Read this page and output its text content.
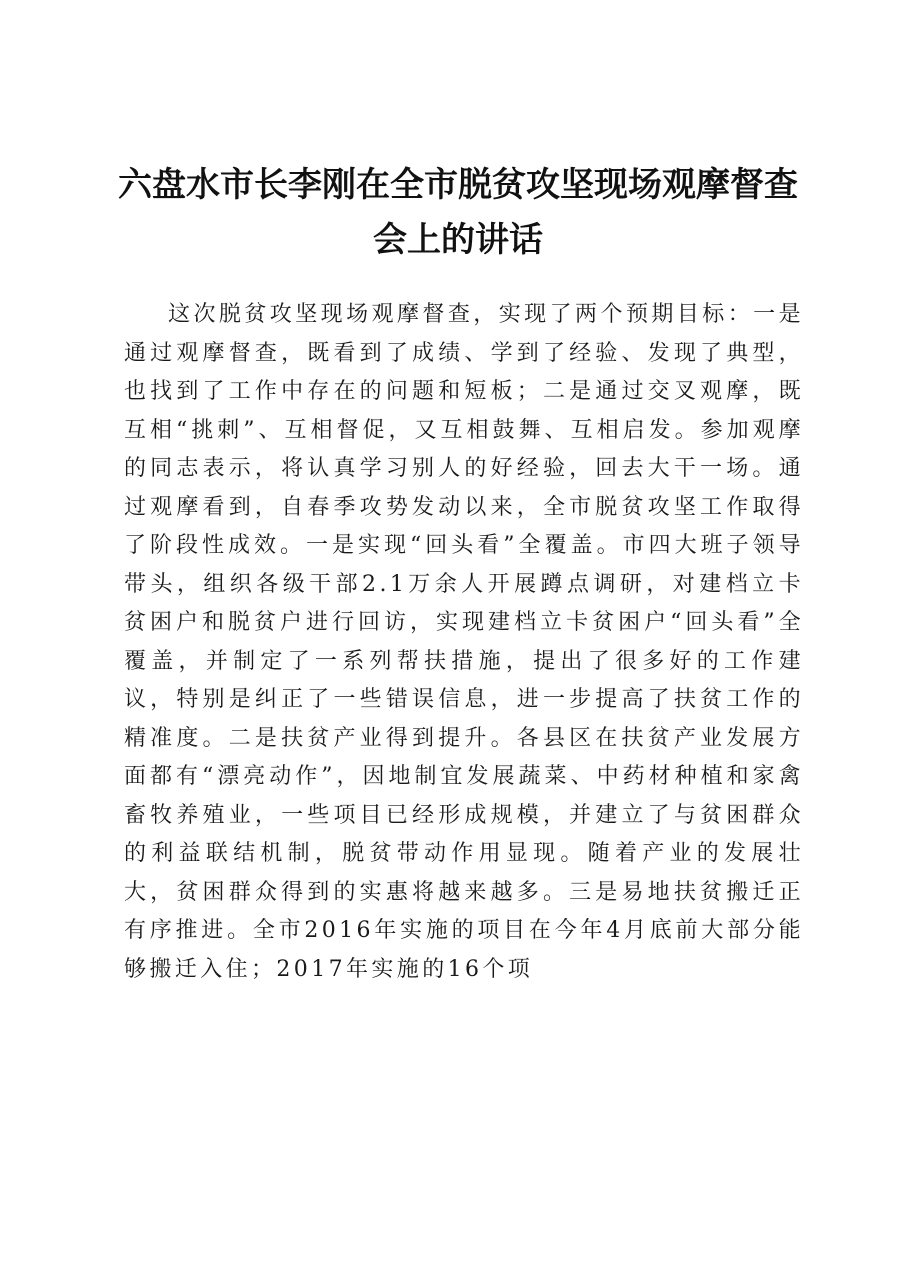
六盘水市长李刚在全市脱贫攻坚现场观摩督查会上的讲话

这次脱贫攻坚现场观摩督查，实现了两个预期目标：一是通过观摩督查，既看到了成绩、学到了经验、发现了典型，也找到了工作中存在的问题和短板；二是通过交叉观摩，既互相“挑刺”、互相督促，又互相鼓舞、互相启发。参加观摩的同志表示，将认真学习别人的好经验，回去大干一场。通过观摩看到，自春季攻势发动以来，全市脱贫攻坚工作取得了阶段性成效。一是实现“回头看”全覆盖。市四大班子领导带头，组织各级干部2.1万余人开展蹲点调研，对建档立卡贫困户和脱贫户进行回访，实现建档立卡贫困户“回头看”全覆盖，并制定了一系列帮扶措施，提出了很多好的工作建议，特别是纠正了一些错误信息，进一步提高了扶贫工作的精准度。二是扶贫产业得到提升。各县区在扶贫产业发展方面都有“漂亮动作”，因地制宜发展蔬菜、中药材种植和家禽畜牧养殖业，一些项目已经形成规模，并建立了与贫困群众的利益联结机制，脱贫带动作用显现。随着产业的发展壮大，贫困群众得到的实惠将越来越多。三是易地扶贫搬迁正有序推进。全市2016年实施的项目在今年4月底前大部分能够搬迁入住；2017年实施的16个项
